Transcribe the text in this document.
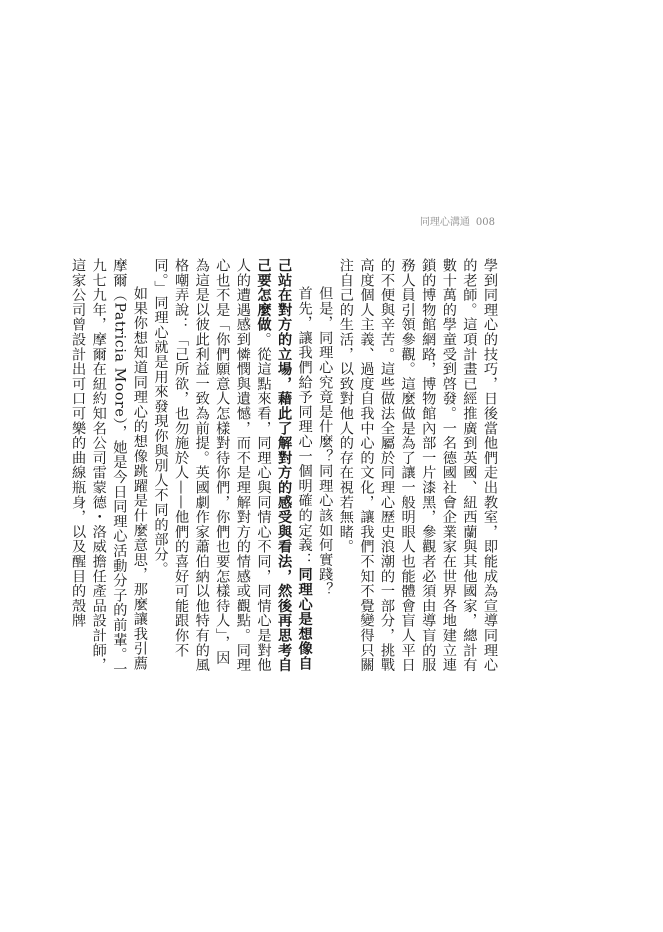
同理心溝通 008

學到同理心的技巧，日後當他們走出教室，即能成為宣導同理心的老師。這項計畫已經推廣到英國、紐西蘭與其他國家，總計有數十萬的學童受到啓發。一名德國社會企業家在世界各地建立連鎖的博物館網路，博物館內部一片漆黑，參觀者必須由導盲的服務人員引領參觀。這麼做是為了讓一般明眼人也能體會盲人平日的不便與辛苦。這些做法全屬於同理心歷史浪潮的一部分，挑戰高度個人主義、過度自我中心的文化，讓我們不知不覺變得只關注自己的生活，以致對他人的存在視若無睹。

但是，同理心究竟是什麼？同理心該如何實踐？

首先，讓我們給予同理心一個明確的定義：同理心是想像自己站在對方的立場，藉此了解對方的感受與看法，然後再思考自己要怎麼做。從這點來看，同理心與同情心不同，同情心是對他人的遭遇感到憐憫與遺憾，而不是理解對方的情感或觀點。同理心也不是「你們願意人怎樣對待你們，你們也要怎樣待人」，因為這是以彼此利益一致為前提。英國劇作家蕭伯納以他特有的風格嘲弄說：「己所欲，也勿施於人——他們的喜好可能跟你不同。」同理心就是用來發現你與別人不同的部分。

如果你想知道同理心的想像跳躍是什麼意思，那麼讓我引薦摩爾（Patricia Moore），她是今日同理心活動分子的前輩。一九七九年，摩爾在紐約知名公司雷蒙德・洛威擔任產品設計師，這家公司曾設計出可口可樂的曲線瓶身，以及醒目的殼牌
